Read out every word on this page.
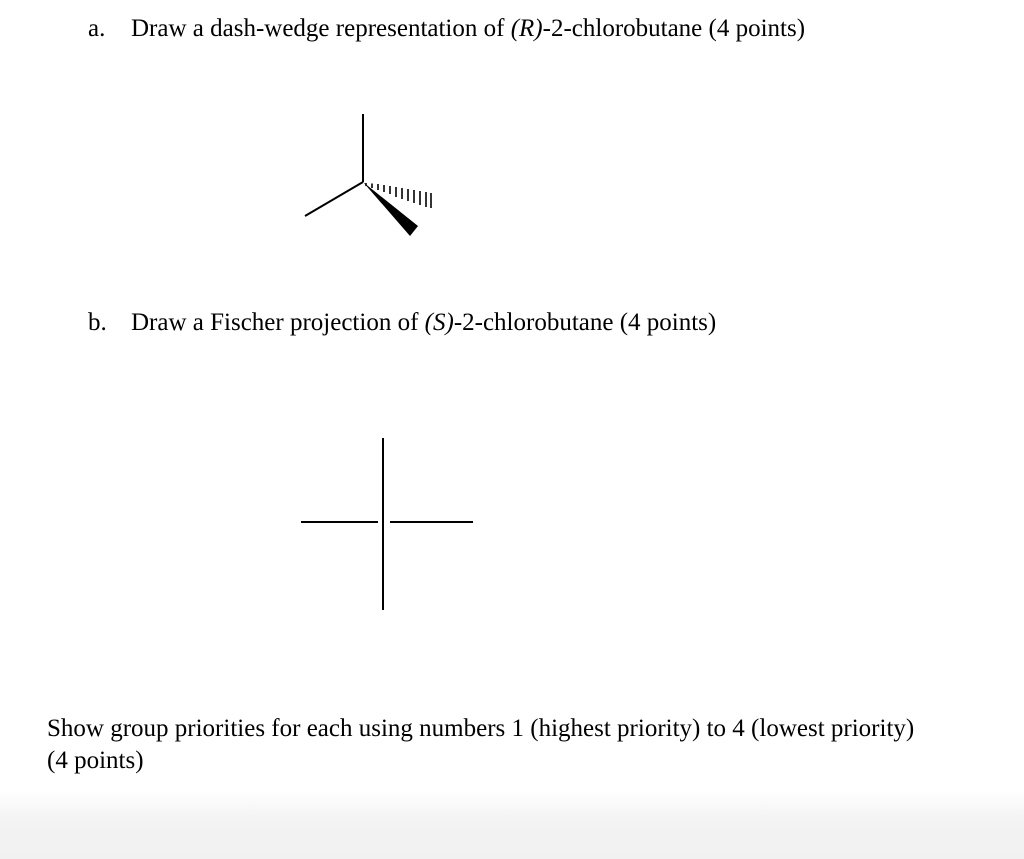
a. Draw a dash-wedge representation of (R)-2-chlorobutane (4 points)
b. Draw a Fischer projection of (S)-2-chlorobutane (4 points)
Show group priorities for each using numbers 1 (highest priority) to 4 (lowest priority)
(4 points)
